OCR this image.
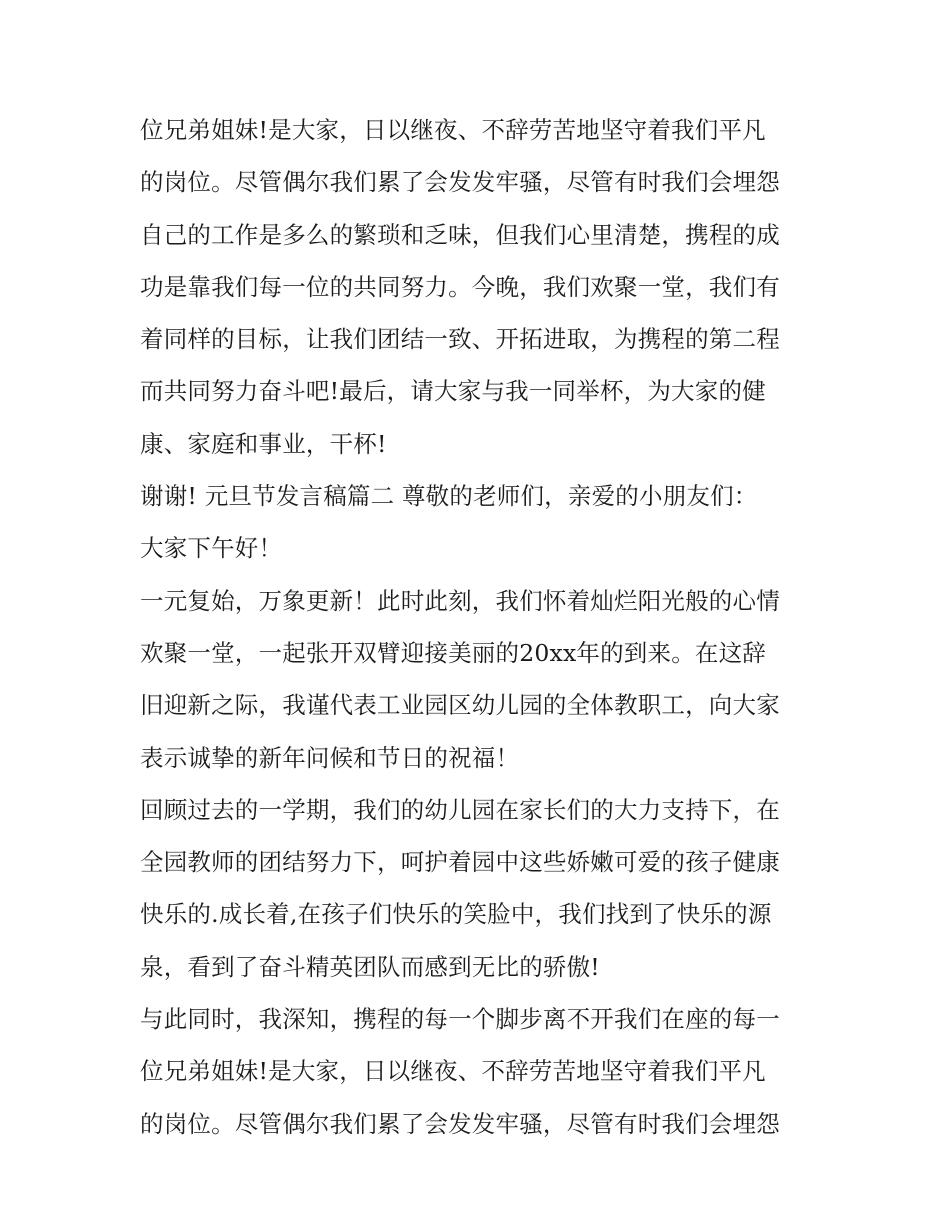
位兄弟姐妹!是大家，日以继夜、不辞劳苦地坚守着我们平凡
的岗位。尽管偶尔我们累了会发发牢骚，尽管有时我们会埋怨
自己的工作是多么的繁琐和乏味，但我们心里清楚，携程的成
功是靠我们每一位的共同努力。今晚，我们欢聚一堂，我们有
着同样的目标，让我们团结一致、开拓进取，为携程的第二程
而共同努力奋斗吧!最后，请大家与我一同举杯，为大家的健
康、家庭和事业，干杯!
谢谢! 元旦节发言稿篇二 尊敬的老师们，亲爱的小朋友们：
大家下午好！
一元复始，万象更新！此时此刻，我们怀着灿烂阳光般的心情
欢聚一堂，一起张开双臂迎接美丽的20xx年的到来。在这辞
旧迎新之际，我谨代表工业园区幼儿园的全体教职工，向大家
表示诚挚的新年问候和节日的祝福！
回顾过去的一学期，我们的幼儿园在家长们的大力支持下，在
全园教师的团结努力下，呵护着园中这些娇嫩可爱的孩子健康
快乐的.成长着,在孩子们快乐的笑脸中，我们找到了快乐的源
泉，看到了奋斗精英团队而感到无比的骄傲!
与此同时，我深知，携程的每一个脚步离不开我们在座的每一
位兄弟姐妹!是大家，日以继夜、不辞劳苦地坚守着我们平凡
的岗位。尽管偶尔我们累了会发发牢骚，尽管有时我们会埋怨
